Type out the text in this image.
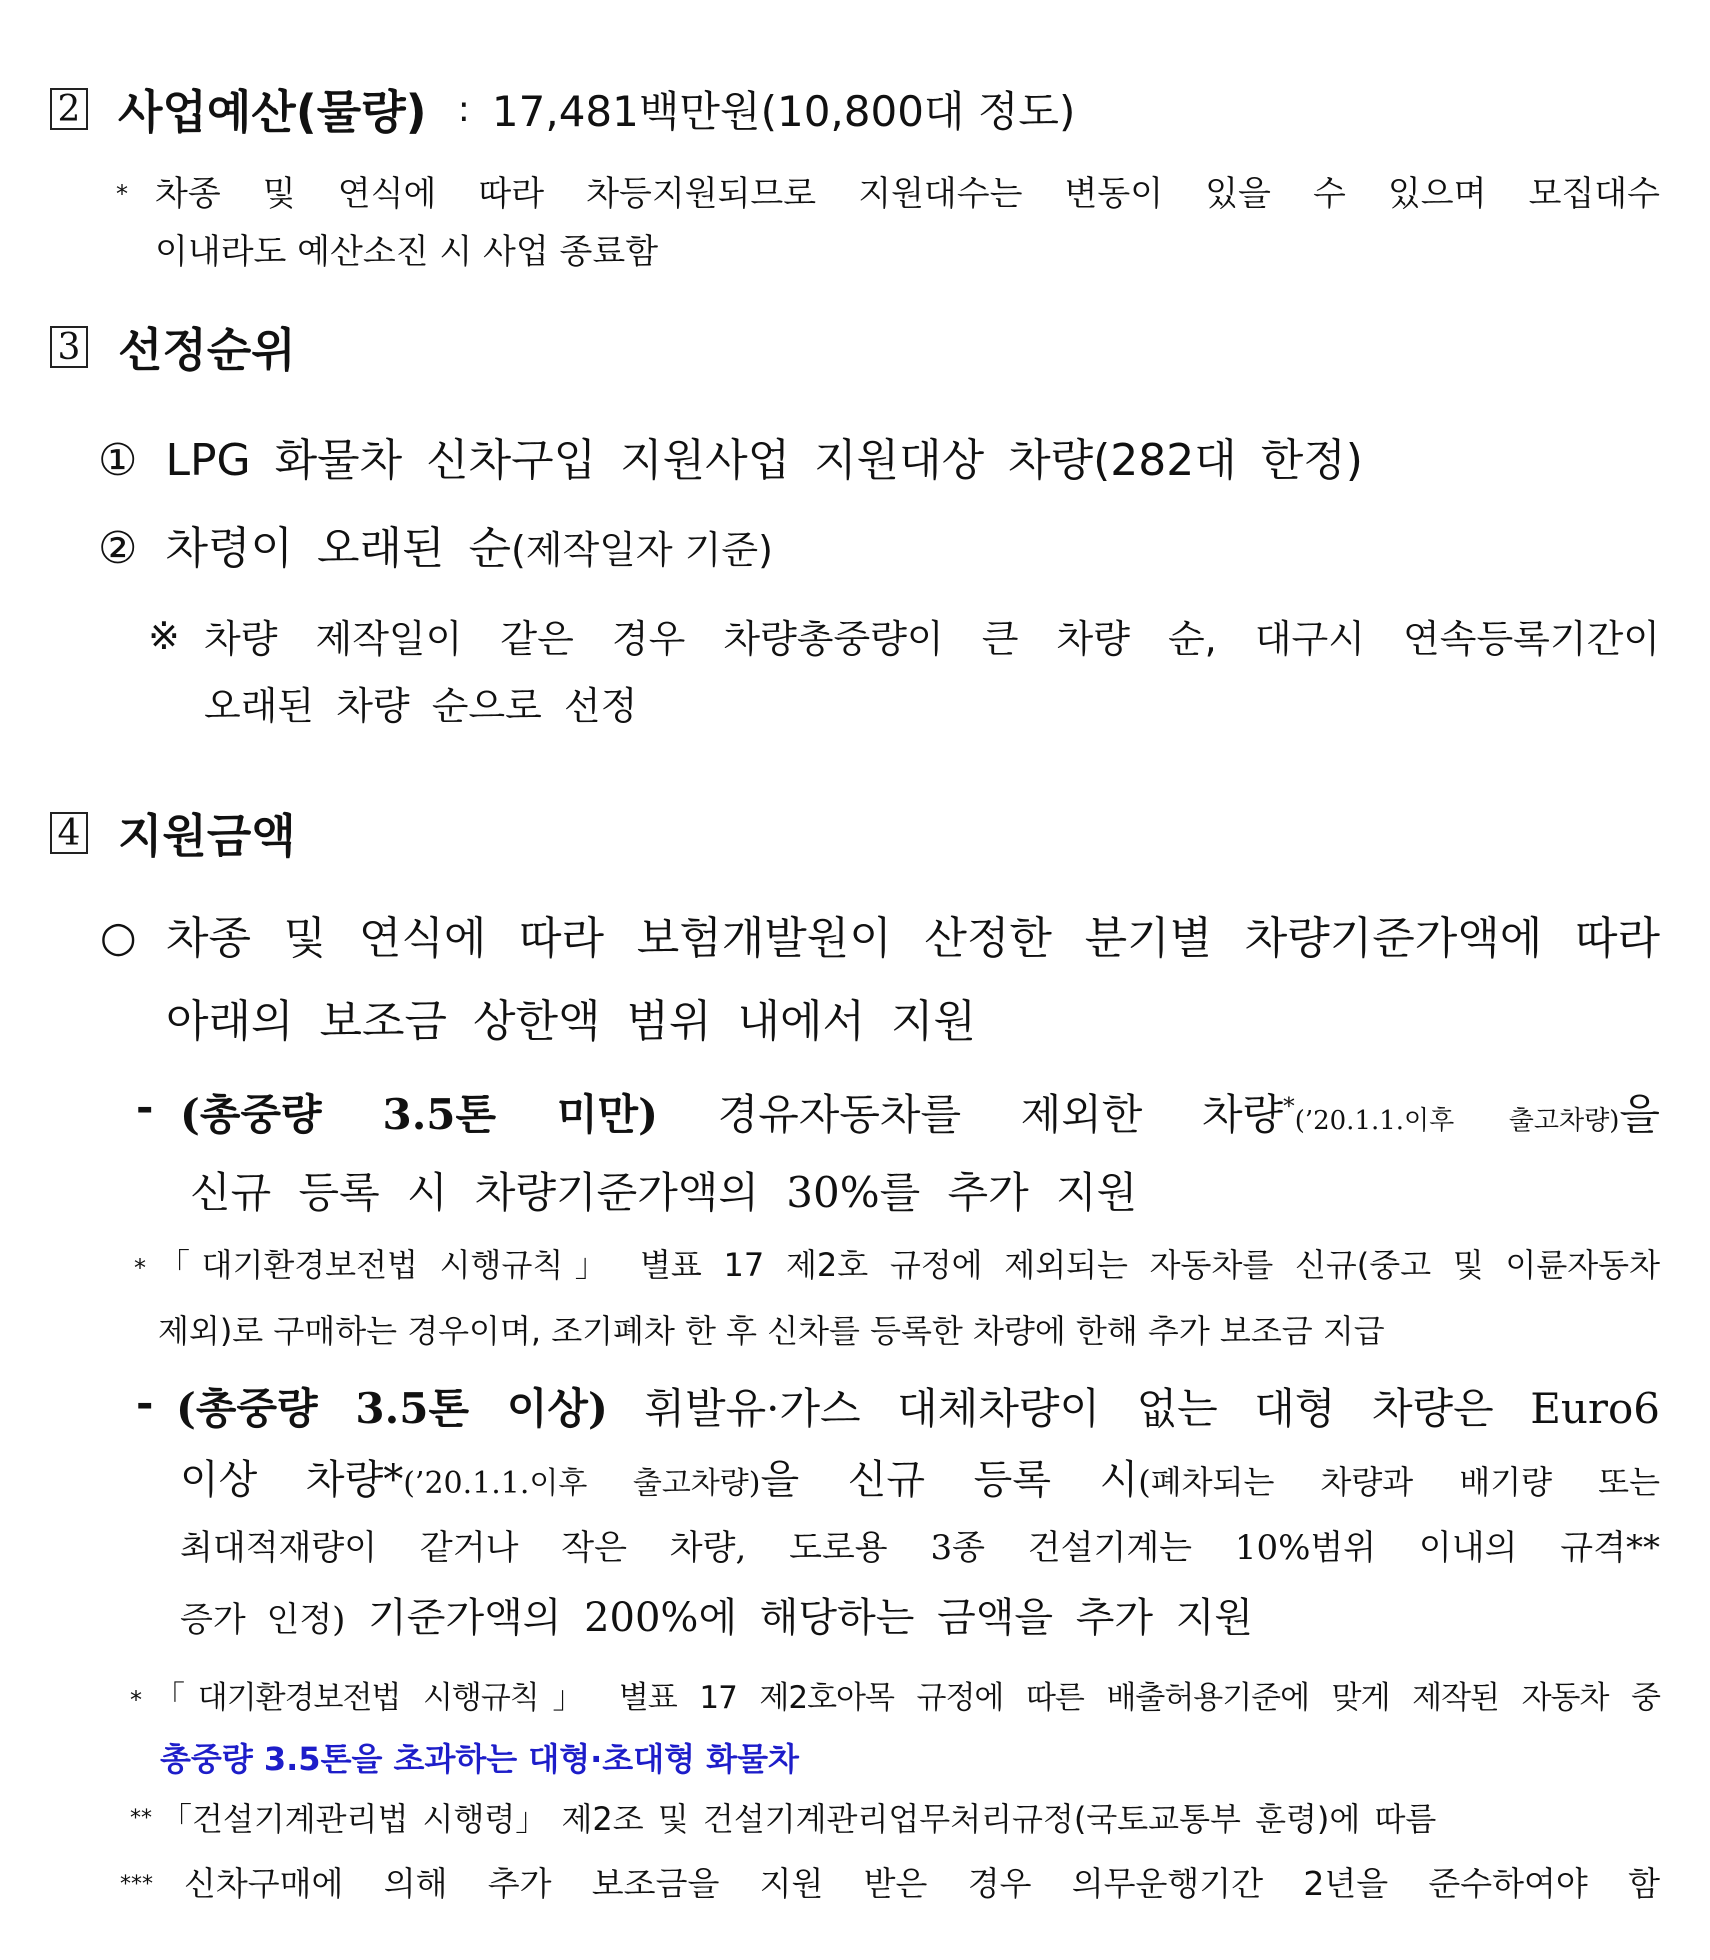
2 사업예산(물량) : 17,481백만원(10,800대 정도)
* 차종 및 연식에 따라 차등지원되므로 지원대수는 변동이 있을 수 있으며 모집대수
이내라도 예산소진 시 사업 종료함
3 선정순위
① LPG 화물차 신차구입 지원사업 지원대상 차량(282대 한정)
② 차령이 오래된 순(제작일자 기준)
※ 차량 제작일이 같은 경우 차량총중량이 큰 차량 순, 대구시 연속등록기간이
오래된 차량 순으로 선정
4 지원금액
○ 차종 및 연식에 따라 보험개발원이 산정한 분기별 차량기준가액에 따라
아래의 보조금 상한액 범위 내에서 지원
- (총중량 3.5톤 미만) 경유자동차를 제외한 차량*(’20.1.1.이후 출고차량)을
신규 등록 시 차량기준가액의 30%를 추가 지원
* 「대기환경보전법 시행규칙」 별표 17 제2호 규정에 제외되는 자동차를 신규(중고 및 이륜자동차
제외)로 구매하는 경우이며, 조기폐차 한 후 신차를 등록한 차량에 한해 추가 보조금 지급
- (총중량 3.5톤 이상) 휘발유·가스 대체차량이 없는 대형 차량은 Euro6
이상 차량*(’20.1.1.이후 출고차량)을 신규 등록 시(폐차되는 차량과 배기량 또는
최대적재량이 같거나 작은 차량, 도로용 3종 건설기계는 10%범위 이내의 규격**
증가 인정) 기준가액의 200%에 해당하는 금액을 추가 지원
* 「대기환경보전법 시행규칙」 별표 17 제2호아목 규정에 따른 배출허용기준에 맞게 제작된 자동차 중
총중량 3.5톤을 초과하는 대형·초대형 화물차
** 「건설기계관리법 시행령」 제2조 및 건설기계관리업무처리규정(국토교통부 훈령)에 따름
*** 신차구매에 의해 추가 보조금을 지원 받은 경우 의무운행기간 2년을 준수하여야 함
